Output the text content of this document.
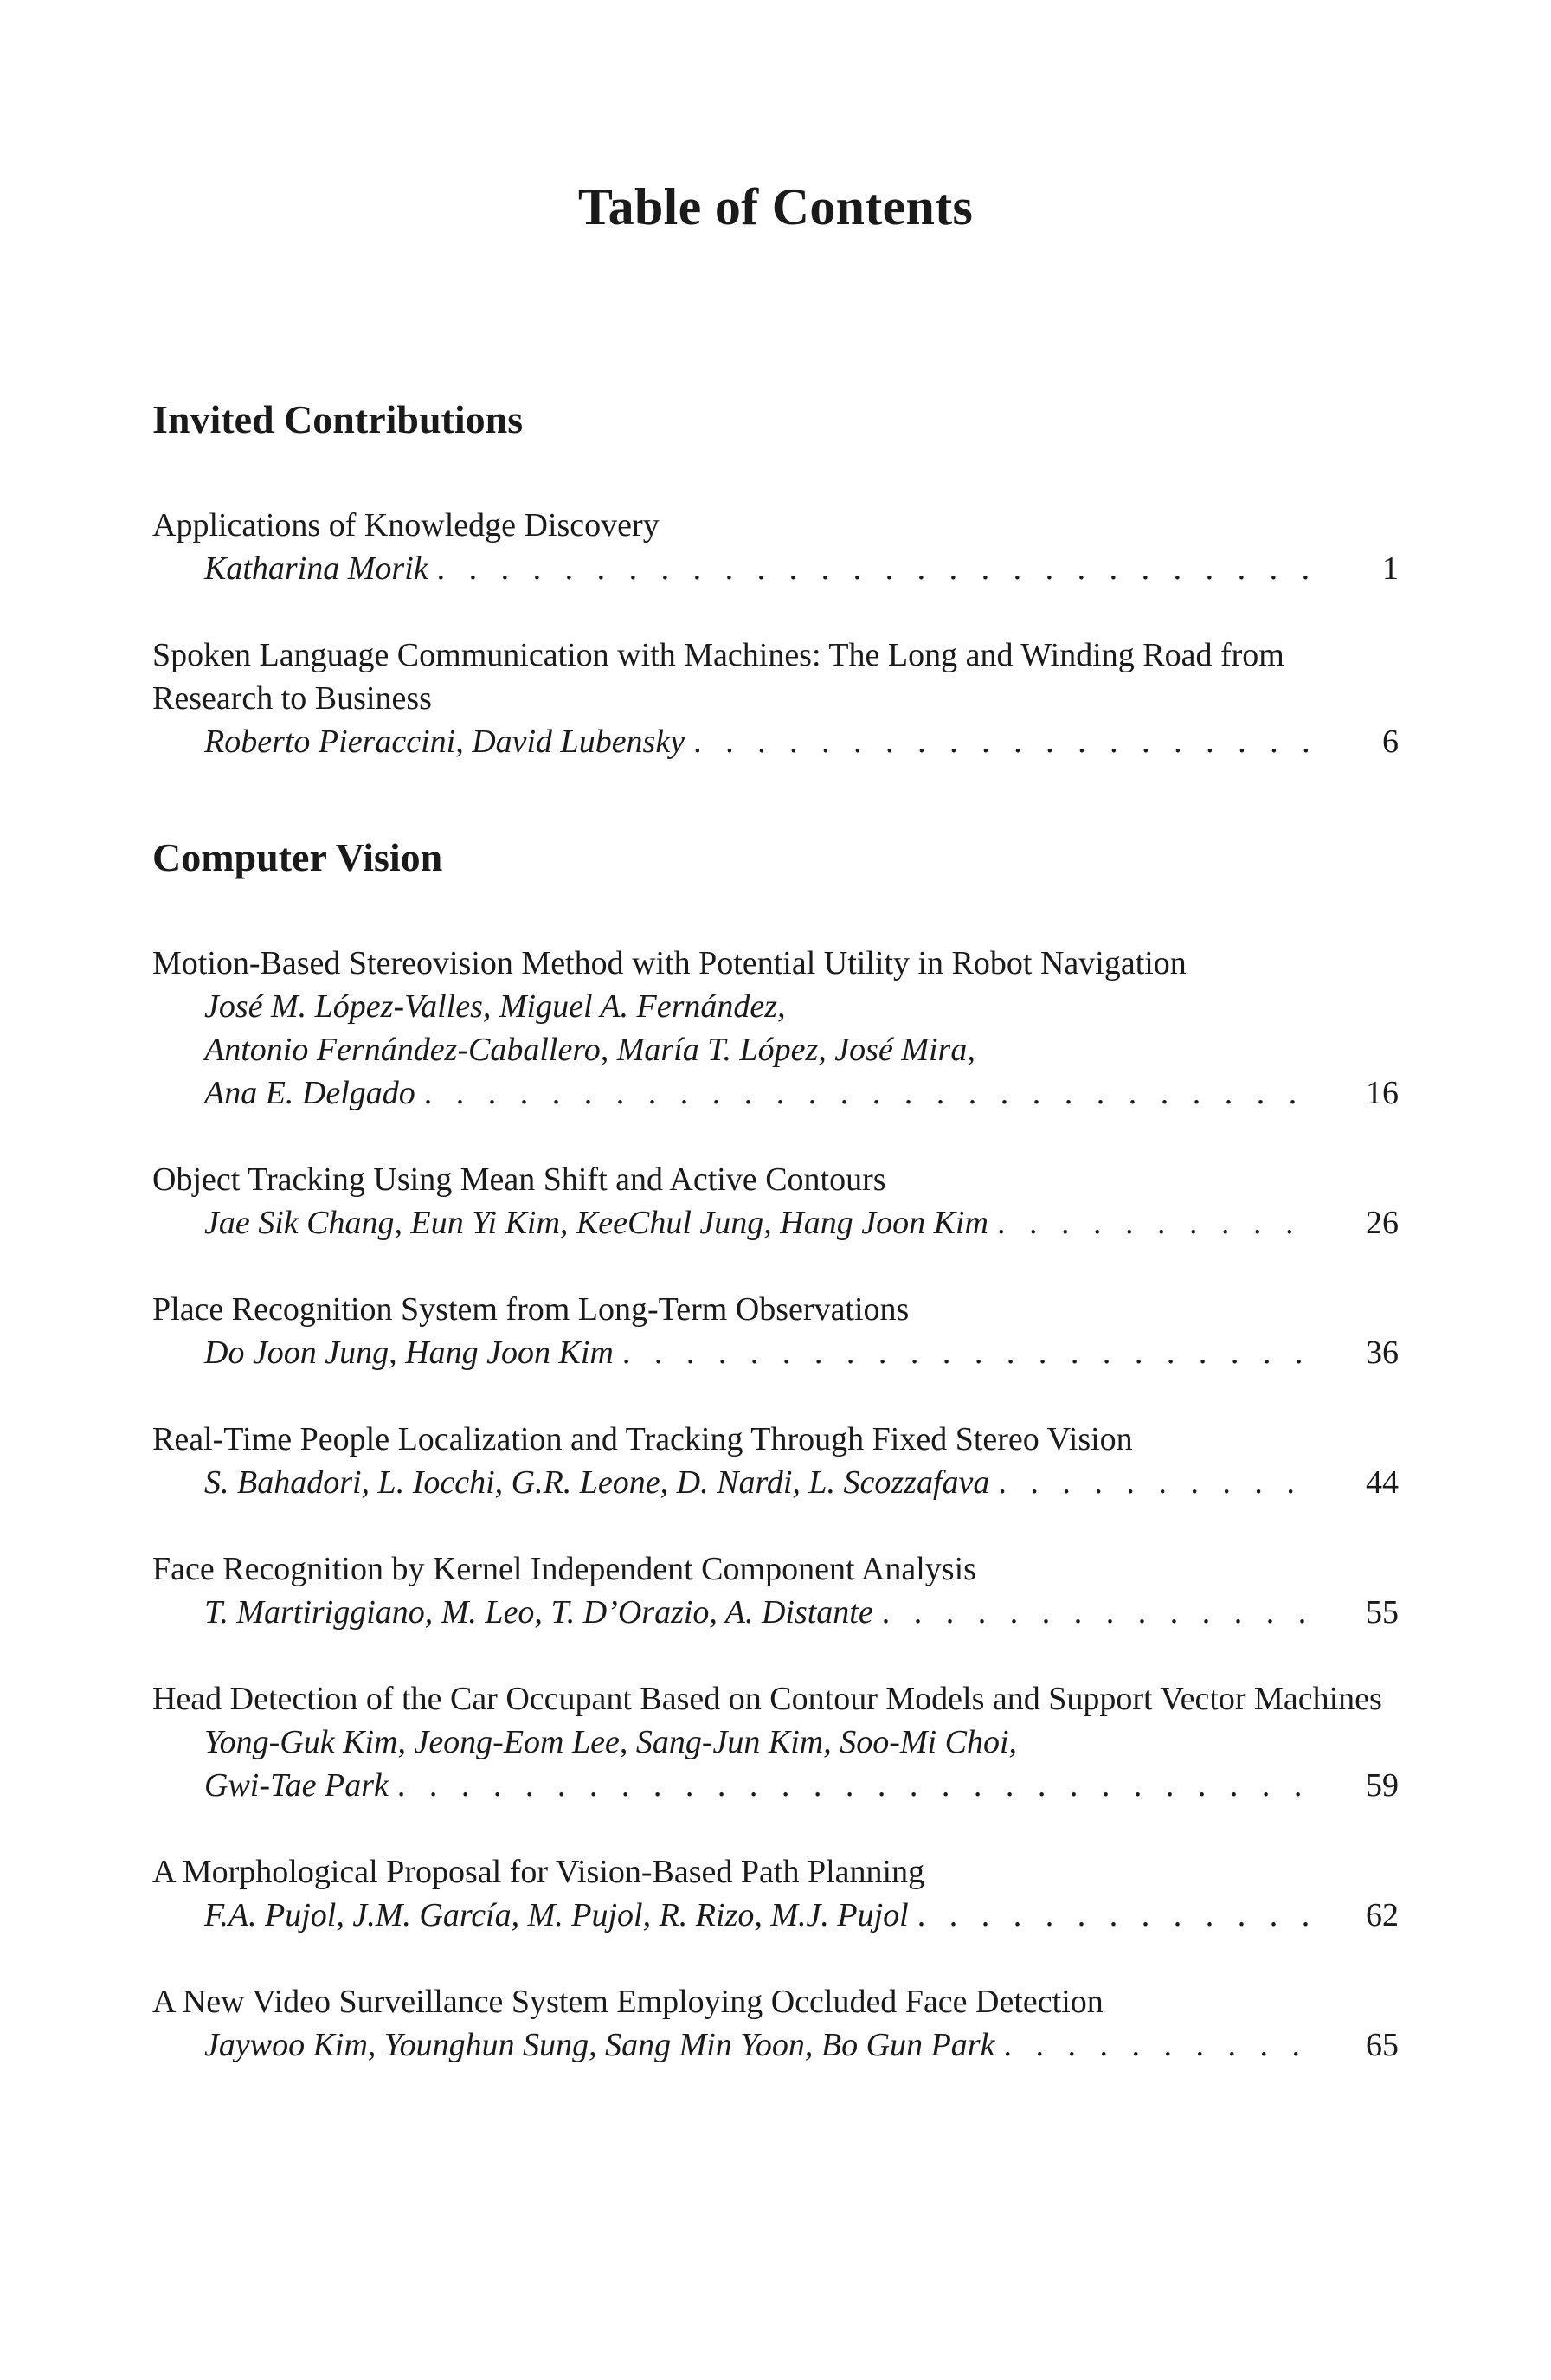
Table of Contents
Invited Contributions
Applications of Knowledge Discovery
Katharina Morik . . .	1
Spoken Language Communication with Machines: The Long and Winding Road from Research to Business
Roberto Pieraccini, David Lubensky . . .	6
Computer Vision
Motion-Based Stereovision Method with Potential Utility in Robot Navigation
José M. López-Valles, Miguel A. Fernández,
Antonio Fernández-Caballero, María T. López, José Mira,
Ana E. Delgado . . .	16
Object Tracking Using Mean Shift and Active Contours
Jae Sik Chang, Eun Yi Kim, KeeChul Jung, Hang Joon Kim . . .	26
Place Recognition System from Long-Term Observations
Do Joon Jung, Hang Joon Kim . . .	36
Real-Time People Localization and Tracking Through Fixed Stereo Vision
S. Bahadori, L. Iocchi, G.R. Leone, D. Nardi, L. Scozzafava . . .	44
Face Recognition by Kernel Independent Component Analysis
T. Martiriggiano, M. Leo, T. D’Orazio, A. Distante . . .	55
Head Detection of the Car Occupant Based on Contour Models and Support Vector Machines
Yong-Guk Kim, Jeong-Eom Lee, Sang-Jun Kim, Soo-Mi Choi,
Gwi-Tae Park . . .	59
A Morphological Proposal for Vision-Based Path Planning
F.A. Pujol, J.M. García, M. Pujol, R. Rizo, M.J. Pujol . . .	62
A New Video Surveillance System Employing Occluded Face Detection
Jaywoo Kim, Younghun Sung, Sang Min Yoon, Bo Gun Park . . .	65
